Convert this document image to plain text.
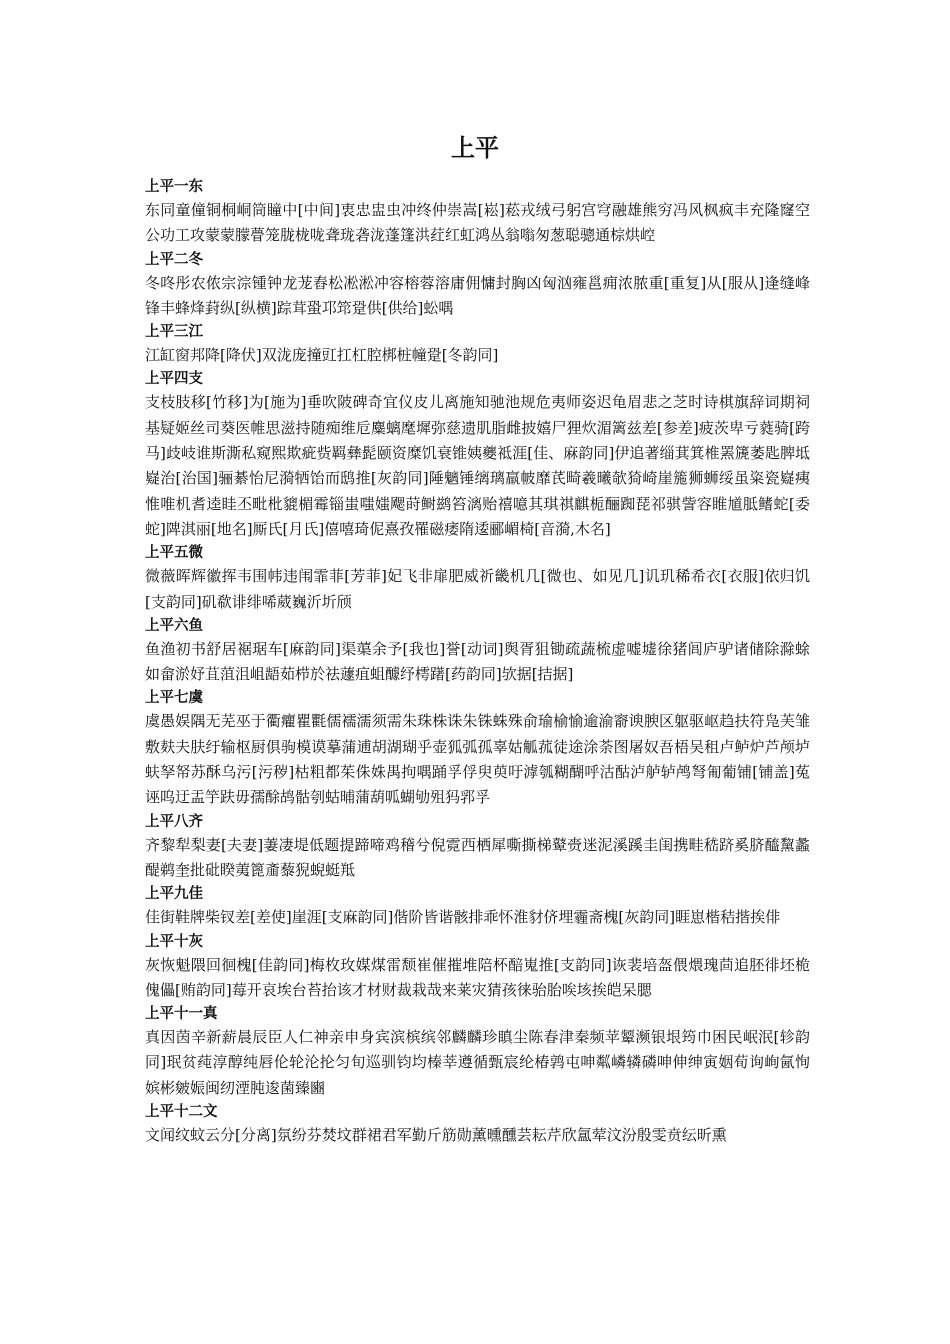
上平
上平一东

东同童僮铜桐峒筒瞳中[中间]衷忠盅虫冲终仲崇嵩[崧]菘戎绒弓躬宫穹融雄熊穷冯风枫疯丰充隆窿空公功工攻蒙蒙朦瞢笼胧栊咙聋珑砻泷蓬篷洪荭红虹鸿丛翁嗡匆葱聪骢通棕烘崆

上平二冬

冬咚彤农侬宗淙锺钟龙茏舂松凇淞冲容榕蓉溶庸佣慵封胸凶匈汹雍邕痈浓脓重[重复]从[服从]逢缝峰锋丰蜂烽葑纵[纵横]踪茸蛩邛筇跫供[供给]蚣喁

上平三江

江缸窗邦降[降伏]双泷庞撞豇扛杠腔梆桩幢跫[冬韵同]

上平四支

支枝肢移[竹移]为[施为]垂吹陂碑奇宜仪皮儿离施知驰池规危夷师姿迟龟眉悲之芝时诗棋旗辞词期祠基疑姬丝司葵医帷思滋持随痴维卮麋螭麾墀弥慈遗肌脂雌披嬉尸狸炊湄篱兹差[参差]疲茨卑亏蕤骑[跨马]歧岐谁斯澌私窥熙欺疵赀羁彝髭颐资糜饥衰锥姨夔祗涯[佳、麻韵同]伊追著缁萁箕椎罴篪萎匙脾坻嶷治[治国]骊綦怡尼漪牺饴而鸱推[灰韵同]陲魑锤缡璃羸帔靡芪畸羲曦欹猗崎崖箷狮蛳绥虽粢瓷嶷痍惟唯机耆逵眭丕毗枇貔楣霉锱蚩嗤媸飔莳鲥鹚笞漓贻禧噫其琪祺麒栀酾踟琵祁骐訾容睢馗胝鳍蛇[委蛇]陴淇丽[地名]厮氏[月氏]僖嘻琦伲熹孜罹磁痿隋逶郦嵋椅[音漪,木名]

上平五微

微薇晖辉徽挥韦围帏违闱霏菲[芳菲]妃飞非扉肥威祈畿机几[微也、如见几]讥玑稀希衣[衣服]依归饥[支韵同]矶欷诽绯唏葳巍沂圻颀

上平六鱼

鱼渔初书舒居裾琚车[麻韵同]渠蕖余予[我也]誉[动词]舆胥狙锄疏蔬梳虚嘘墟徐猪闾庐驴诸储除滁蜍如畲淤妤苴菹沮岨龉茹栉於祛蘧疽蛆醵纾樗躇[药韵同]欤据[拮据]

上平七虞

虞愚娱隅无芜巫于衢癯瞿氍儒襦濡须需朱珠株诛朱铢蛛殊俞瑜榆愉逾渝窬谀腴区躯驱岖趋扶符凫芙雏敷麸夫肤纡输枢厨俱驹模谟摹蒲逋胡湖瑚乎壶狐弧孤辜姑觚菰徒途涂荼图屠奴吾梧吴租卢鲈炉芦颅垆蚨孥帑苏酥乌污[污秽]枯粗都茱侏姝禺拘喁踊孚俘臾萸吁滹瓠糊醐呼沽酤泸舻轳鸬弩匍葡铺[铺盖]菟诬呜迂盂竽趺毋孺酴鸪骷刳蛄晡蒲葫呱蝴劬殂犸郛孚

上平八齐

齐黎犁梨妻[夫妻]萋凄堤低题提蹄啼鸡稽兮倪霓西栖犀嘶撕梯鼙赍迷泥溪蹊圭闺携畦嵇跻奚脐醯黧蠡醍鹈奎批砒睽荑篦齑藜猊蜺蜓羝

上平九佳

佳街鞋牌柴钗差[差使]崖涯[支麻韵同]偕阶皆谐骸排乖怀淮豺侪埋霾斋槐[灰韵同]睚崽楷秸揩挨俳

上平十灰

灰恢魁隈回徊槐[佳韵同]梅枚玫媒煤雷颓崔催摧堆陪杯醅嵬推[支韵同]诙裴培盔偎煨瑰茴追胚徘坯桅傀儡[贿韵同]莓开哀埃台苔抬该才材财裁栽哉来莱灾猜孩徕骀胎唉垓挨皑呆腮

上平十一真

真因茵辛新薪晨辰臣人仁神亲申身宾滨槟缤邻麟麟珍瞋尘陈春津秦频苹颦濒银垠筠巾困民岷泯[轸韵同]珉贫莼淳醇纯唇伦轮沦抡匀旬巡驯钧均榛莘遵循甄宸纶椿鹑屯呻粼嶙辚磷呻伸绅寅姻荀询峋氤恂嫔彬皴娠闽纫湮肫逡菌臻豳

上平十二文

文闻纹蚊云分[分离]氛纷芬焚坟群裙君军勤斤筋勋薰曛醺芸耘芹欣氲荤汶汾殷雯贲纭昕熏
